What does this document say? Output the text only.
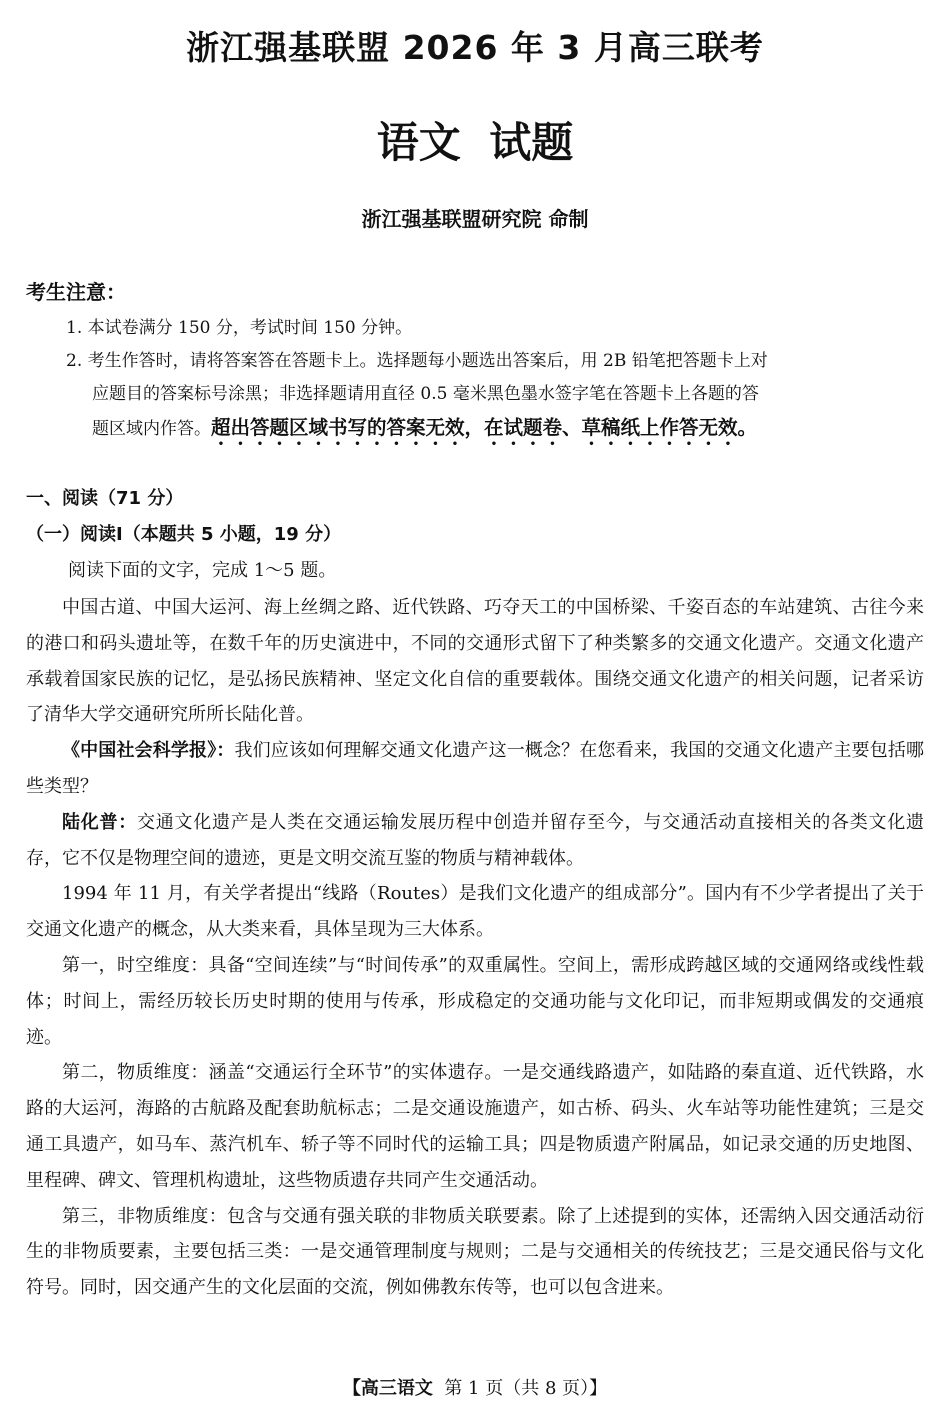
浙江强基联盟 2026 年 3 月高三联考
语文 试题
浙江强基联盟研究院 命制
考生注意：
1. 本试卷满分 150 分，考试时间 150 分钟。
2. 考生作答时，请将答案答在答题卡上。选择题每小题选出答案后，用 2B 铅笔把答题卡上对
应题目的答案标号涂黑；非选择题请用直径 0.5 毫米黑色墨水签字笔在答题卡上各题的答
题区域内作答。超出答题区域书写的答案无效，在试题卷、草稿纸上作答无效。
一、阅读（71 分）
（一）阅读Ⅰ（本题共 5 小题，19 分）
阅读下面的文字，完成 1～5 题。

中国古道、中国大运河、海上丝绸之路、近代铁路、巧夺天工的中国桥梁、千姿百态的车站建筑、古往今来的港口和码头遗址等，在数千年的历史演进中，不同的交通形式留下了种类繁多的交通文化遗产。交通文化遗产承载着国家民族的记忆，是弘扬民族精神、坚定文化自信的重要载体。围绕交通文化遗产的相关问题，记者采访了清华大学交通研究所所长陆化普。

《中国社会科学报》：我们应该如何理解交通文化遗产这一概念？在您看来，我国的交通文化遗产主要包括哪些类型？

陆化普：交通文化遗产是人类在交通运输发展历程中创造并留存至今，与交通活动直接相关的各类文化遗存，它不仅是物理空间的遗迹，更是文明交流互鉴的物质与精神载体。

1994 年 11 月，有关学者提出“线路（Routes）是我们文化遗产的组成部分”。国内有不少学者提出了关于交通文化遗产的概念，从大类来看，具体呈现为三大体系。

第一，时空维度：具备“空间连续”与“时间传承”的双重属性。空间上，需形成跨越区域的交通网络或线性载体；时间上，需经历较长历史时期的使用与传承，形成稳定的交通功能与文化印记，而非短期或偶发的交通痕迹。

第二，物质维度：涵盖“交通运行全环节”的实体遗存。一是交通线路遗产，如陆路的秦直道、近代铁路，水路的大运河，海路的古航路及配套助航标志；二是交通设施遗产，如古桥、码头、火车站等功能性建筑；三是交通工具遗产，如马车、蒸汽机车、轿子等不同时代的运输工具；四是物质遗产附属品，如记录交通的历史地图、里程碑、碑文、管理机构遗址，这些物质遗存共同产生交通活动。

第三，非物质维度：包含与交通有强关联的非物质关联要素。除了上述提到的实体，还需纳入因交通活动衍生的非物质要素，主要包括三类：一是交通管理制度与规则；二是与交通相关的传统技艺；三是交通民俗与文化符号。同时，因交通产生的文化层面的交流，例如佛教东传等，也可以包含进来。

【高三语文 第 1 页（共 8 页）】
